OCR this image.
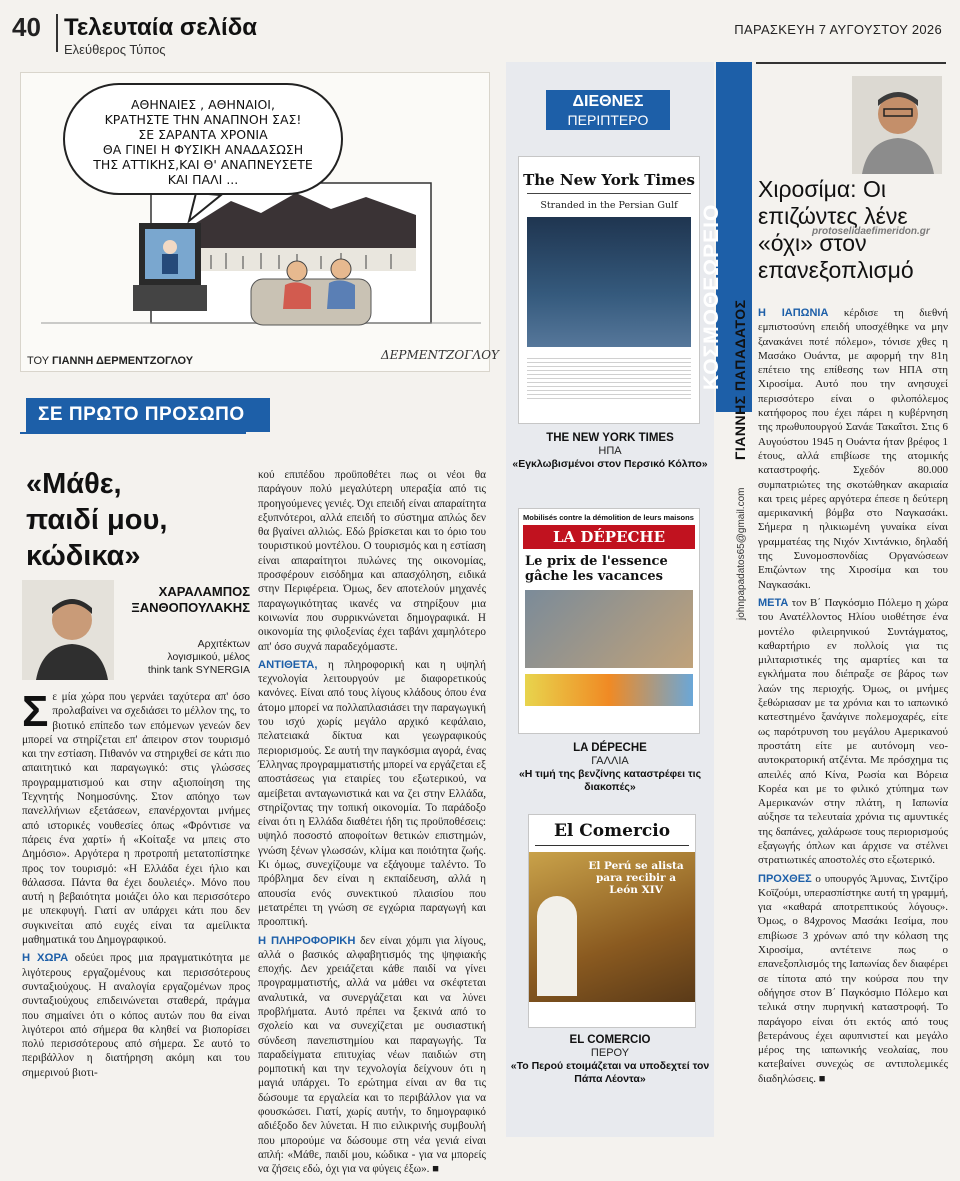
40 Τελευταία σελίδα
Ελεύθερος Τύπος
ΠΑΡΑΣΚΕΥΗ 7 ΑΥΓΟΥΣΤΟΥ 2026
ΑΘΗΝΑΙΕΣ , ΑΘΗΝΑΙΟΙ,
ΚΡΑΤΗΣΤΕ ΤΗΝ ΑΝΑΠΝΟΗ ΣΑΣ!
ΣΕ ΣΑΡΑΝΤΑ ΧΡΟΝΙΑ
ΘΑ ΓΙΝΕΙ Η ΦΥΣΙΚΗ ΑΝΑΔΑΣΩΣΗ
ΤΗΣ ΑΤΤΙΚΗΣ,ΚΑΙ Θ' ΑΝΑΠΝΕΥΣΕΤΕ
ΚΑΙ ΠΑΛΙ ...
ΤΟΥ ΓΙΑΝΝΗ ΔΕΡΜΕΝΤΖΟΓΛΟΥ	ΔΕΡΜΕΝΤΖΟΓΛΟΥ
ΣΕ ΠΡΩΤΟ ΠΡΟΣΩΠΟ
«Μάθε,
παιδί μου,
κώδικα»
ΧΑΡΑΛΑΜΠΟΣ
ΞΑΝΘΟΠΟΥΛΑΚΗΣ
Αρχιτέκτων
λογισμικού, μέλος
think tank SYNERGIA

Σε μία χώρα που γερνάει ταχύτερα απ' όσο προλαβαίνει να σχεδιάσει το μέλλον της, το βιοτικό επίπεδο των επόμενων γενεών δεν μπορεί να στηρίζεται επ' άπειρον στον τουρισμό και την εστίαση. Πιθανόν να στηριχθεί σε κάτι πιο απαιτητικό και παραγωγικό: στις γλώσσες προγραμματισμού και στην αξιοποίηση της Τεχνητής Νοημοσύνης. Στον απόηχο των πανελλήνιων εξετάσεων, επανέρχονται μνήμες από ιστορικές νουθεσίες όπως «Φρόντισε να πάρεις ένα χαρτί» ή «Κοίταξε να μπεις στο Δημόσιο». Αργότερα η προτροπή μετατοπίστηκε προς τον τουρισμό: «Η Ελλάδα έχει ήλιο και θάλασσα. Πάντα θα έχει δουλειές». Μόνο που αυτή η βεβαιότητα μοιάζει όλο και περισσότερο με υπεκφυγή. Γιατί αν υπάρχει κάτι που δεν συγκινείται από ευχές είναι τα αμείλικτα μαθηματικά του Δημογραφικού.

Η ΧΩΡΑ οδεύει προς μια πραγματικότητα με λιγότερους εργαζομένους και περισσότερους συνταξιούχους. Η αναλογία εργαζομένων προς συνταξιούχους επιδεινώνεται σταθερά, πράγμα που σημαίνει ότι ο κόπος αυτών που θα είναι λιγότεροι από σήμερα θα κληθεί να βιοπορίσει πολύ περισσότερους από σήμερα. Σε αυτό το περιβάλλον η διατήρηση ακόμη και του σημερινού βιοτι-

κού επιπέδου προϋποθέτει πως οι νέοι θα παράγουν πολύ μεγαλύτερη υπεραξία από τις προηγούμενες γενιές. Όχι επειδή είναι απαραίτητα εξυπνότεροι, αλλά επειδή το σύστημα απλώς δεν θα βγαίνει αλλιώς. Εδώ βρίσκεται και το όριο του τουριστικού μοντέλου. Ο τουρισμός και η εστίαση είναι απαραίτητοι πυλώνες της οικονομίας, προσφέρουν εισόδημα και απασχόληση, ειδικά στην Περιφέρεια. Όμως, δεν αποτελούν μηχανές παραγωγικότητας ικανές να στηρίξουν μια κοινωνία που συρρικνώνεται δημογραφικά. Η οικονομία της φιλοξενίας έχει ταβάνι χαμηλότερο απ' όσο συχνά παραδεχόμαστε.

ΑΝΤΙΘΕΤΑ, η πληροφορική και η υψηλή τεχνολογία λειτουργούν με διαφορετικούς κανόνες. Είναι από τους λίγους κλάδους όπου ένα άτομο μπορεί να πολλαπλασιάσει την παραγωγική του ισχύ χωρίς μεγάλο αρχικό κεφάλαιο, πελατειακά δίκτυα και γεωγραφικούς περιορισμούς. Σε αυτή την παγκόσμια αγορά, ένας Έλληνας προγραμματιστής μπορεί να εργάζεται εξ αποστάσεως για εταιρίες του εξωτερικού, να αμείβεται ανταγωνιστικά και να ζει στην Ελλάδα, στηρίζοντας την τοπική οικονομία. Το παράδοξο είναι ότι η Ελλάδα διαθέτει ήδη τις προϋποθέσεις: υψηλό ποσοστό αποφοίτων θετικών επιστημών, γνώση ξένων γλωσσών, κλίμα και ποιότητα ζωής. Κι όμως, συνεχίζουμε να εξάγουμε ταλέντο. Το πρόβλημα δεν είναι η εκπαίδευση, αλλά η απουσία ενός συνεκτικού πλαισίου που μετατρέπει τη γνώση σε εγχώρια παραγωγή και προοπτική.

Η ΠΛΗΡΟΦΟΡΙΚΗ δεν είναι χόμπι για λίγους, αλλά ο βασικός αλφαβητισμός της ψηφιακής εποχής. Δεν χρειάζεται κάθε παιδί να γίνει προγραμματιστής, αλλά να μάθει να σκέφτεται αναλυτικά, να συνεργάζεται και να λύνει προβλήματα. Αυτό πρέπει να ξεκινά από το σχολείο και να συνεχίζεται με ουσιαστική σύνδεση πανεπιστημίου και παραγωγής. Τα παραδείγματα επιτυχίας νέων παιδιών στη ρομποτική και την τεχνολογία δείχνουν ότι η μαγιά υπάρχει. Το ερώτημα είναι αν θα τις δώσουμε τα εργαλεία και το περιβάλλον για να φουσκώσει. Γιατί, χωρίς αυτήν, το δημογραφικό αδιέξοδο δεν λύνεται. Η πιο ειλικρινής συμβουλή που μπορούμε να δώσουμε στη νέα γενιά είναι απλή: «Μάθε, παιδί μου, κώδικα - για να μπορείς να ζήσεις εδώ, όχι για να φύγεις έξω». ■

ΔΙΕΘΝΕΣ
ΠΕΡΙΠΤΕΡΟ
The New York Times
Stranded in the Persian Gulf
THE NEW YORK TIMES
ΗΠΑ
«Εγκλωβισμένοι στον Περσικό Κόλπο»
Mobilisés contre la démolition de leurs maisons
LA DÉPECHE
Le prix de l'essence gâche les vacances
LA DÉPECHE
ΓΑΛΛΙΑ
«Η τιμή της βενζίνης καταστρέφει τις διακοπές»
El Comercio
El Perú se alista para recibir a León XIV
EL COMERCIO
ΠΕΡΟΥ
«Το Περού ετοιμάζεται να υποδεχτεί τον Πάπα Λέοντα»
ΚΟΣΜΟΘΕΩΡΕΙΟ ΓΙΑΝΝΗΣ ΠΑΠΑΔΑΤΟΣ
johnpapadatos65@gmail.com
Χιροσίμα: Οι
επιζώντες λένε
«όχι» στον
επανεξοπλισμό
protoselidaefimeridon.gr

Η ΙΑΠΩΝΙΑ κέρδισε τη διεθνή εμπιστοσύνη επειδή υποσχέθηκε να μην ξανακάνει ποτέ πόλεμο», τόνισε χθες η Μασάκο Ουάντα, με αφορμή την 81η επέτειο της επίθεσης των ΗΠΑ στη Χιροσίμα. Αυτό που την ανησυχεί περισσότερο είναι ο φιλοπόλεμος κατήφορος που έχει πάρει η κυβέρνηση της πρωθυπουργού Σανάε Τακαΐτσι. Στις 6 Αυγούστου 1945 η Ουάντα ήταν βρέφος 1 έτους, αλλά επιβίωσε της ατομικής καταστροφής. Σχεδόν 80.000 συμπατριώτες της σκοτώθηκαν ακαριαία και τρεις μέρες αργότερα έπεσε η δεύτερη αμερικανική βόμβα στο Ναγκασάκι. Σήμερα η ηλικιωμένη γυναίκα είναι γραμματέας της Νιχόν Χιντάνκιο, δηλαδή της Συνομοσπονδίας Οργανώσεων Επιζώντων της Χιροσίμα και του Ναγκασάκι.

ΜΕΤΑ τον Β΄ Παγκόσμιο Πόλεμο η χώρα του Ανατέλλοντος Ηλίου υιοθέτησε ένα μοντέλο φιλειρηνικού Συντάγματος, καθαρτήριο εν πολλοίς για τις μιλιταριστικές της αμαρτίες και τα εγκλήματα που διέπραξε σε βάρος των λαών της περιοχής. Όμως, οι μνήμες ξεθώριασαν με τα χρόνια και το ιαπωνικό κατεστημένο ξανάγινε πολεμοχαρές, είτε ως παρότρυνση του μεγάλου Αμερικανού προστάτη είτε με αυτόνομη νεο-αυτοκρατορική ατζέντα. Με πρόσχημα τις απειλές από Κίνα, Ρωσία και Βόρεια Κορέα και με το φιλικό χτύπημα των Αμερικανών στην πλάτη, η Ιαπωνία αύξησε τα τελευταία χρόνια τις αμυντικές της δαπάνες, χαλάρωσε τους περιορισμούς εξαγωγής όπλων και άρχισε να στέλνει στρατιωτικές αποστολές στο εξωτερικό.

ΠΡΟΧΘΕΣ ο υπουργός Άμυνας, Σιντζίρο Κοϊζούμι, υπερασπίστηκε αυτή τη γραμμή, για «καθαρά αποτρεπτικούς λόγους». Όμως, ο 84χρονος Μασάκι Ιεσίμα, που επιβίωσε 3 χρόνων από την κόλαση της Χιροσίμα, αντέτεινε πως ο επανεξοπλισμός της Ιαπωνίας δεν διαφέρει σε τίποτα από την κούρσα που την οδήγησε στον Β΄ Παγκόσμιο Πόλεμο και τελικά στην πυρηνική καταστροφή. Το παράγορο είναι ότι εκτός από τους βετεράνους έχει αφυπνιστεί και μεγάλο μέρος της ιαπωνικής νεολαίας, που κατεβαίνει συνεχώς σε αντιπολεμικές διαδηλώσεις. ■
